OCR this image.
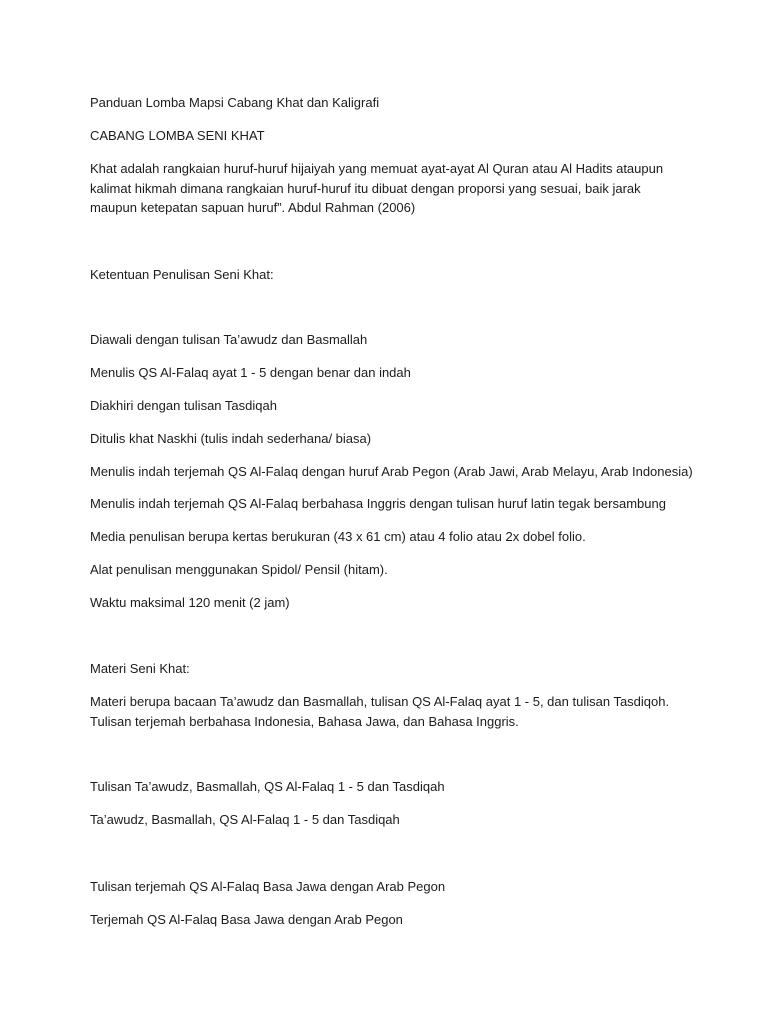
Panduan Lomba Mapsi Cabang Khat dan Kaligrafi
CABANG LOMBA SENI KHAT
Khat adalah rangkaian huruf-huruf hijaiyah yang memuat ayat-ayat Al Quran atau Al Hadits ataupun kalimat hikmah dimana rangkaian huruf-huruf itu dibuat dengan proporsi yang sesuai, baik jarak maupun ketepatan sapuan huruf”. Abdul Rahman (2006)
Ketentuan Penulisan Seni Khat:
Diawali dengan tulisan Ta’awudz dan Basmallah
Menulis QS Al-Falaq ayat 1 - 5 dengan benar dan indah
Diakhiri dengan tulisan Tasdiqah
Ditulis khat Naskhi (tulis indah sederhana/ biasa)
Menulis indah terjemah QS Al-Falaq dengan huruf Arab Pegon (Arab Jawi, Arab Melayu, Arab Indonesia)
Menulis indah terjemah QS Al-Falaq berbahasa Inggris dengan tulisan huruf latin tegak bersambung
Media penulisan berupa kertas berukuran (43 x 61 cm) atau 4 folio atau 2x dobel folio.
Alat penulisan menggunakan Spidol/ Pensil (hitam).
Waktu maksimal 120 menit (2 jam)
Materi Seni Khat:
Materi berupa bacaan Ta’awudz dan Basmallah, tulisan QS Al-Falaq ayat 1 - 5, dan tulisan Tasdiqoh. Tulisan terjemah berbahasa Indonesia, Bahasa Jawa, dan Bahasa Inggris.
Tulisan Ta’awudz, Basmallah, QS Al-Falaq 1 - 5 dan Tasdiqah
Ta’awudz, Basmallah, QS Al-Falaq 1 - 5 dan Tasdiqah
Tulisan terjemah QS Al-Falaq Basa Jawa dengan Arab Pegon
Terjemah QS Al-Falaq Basa Jawa dengan Arab Pegon
